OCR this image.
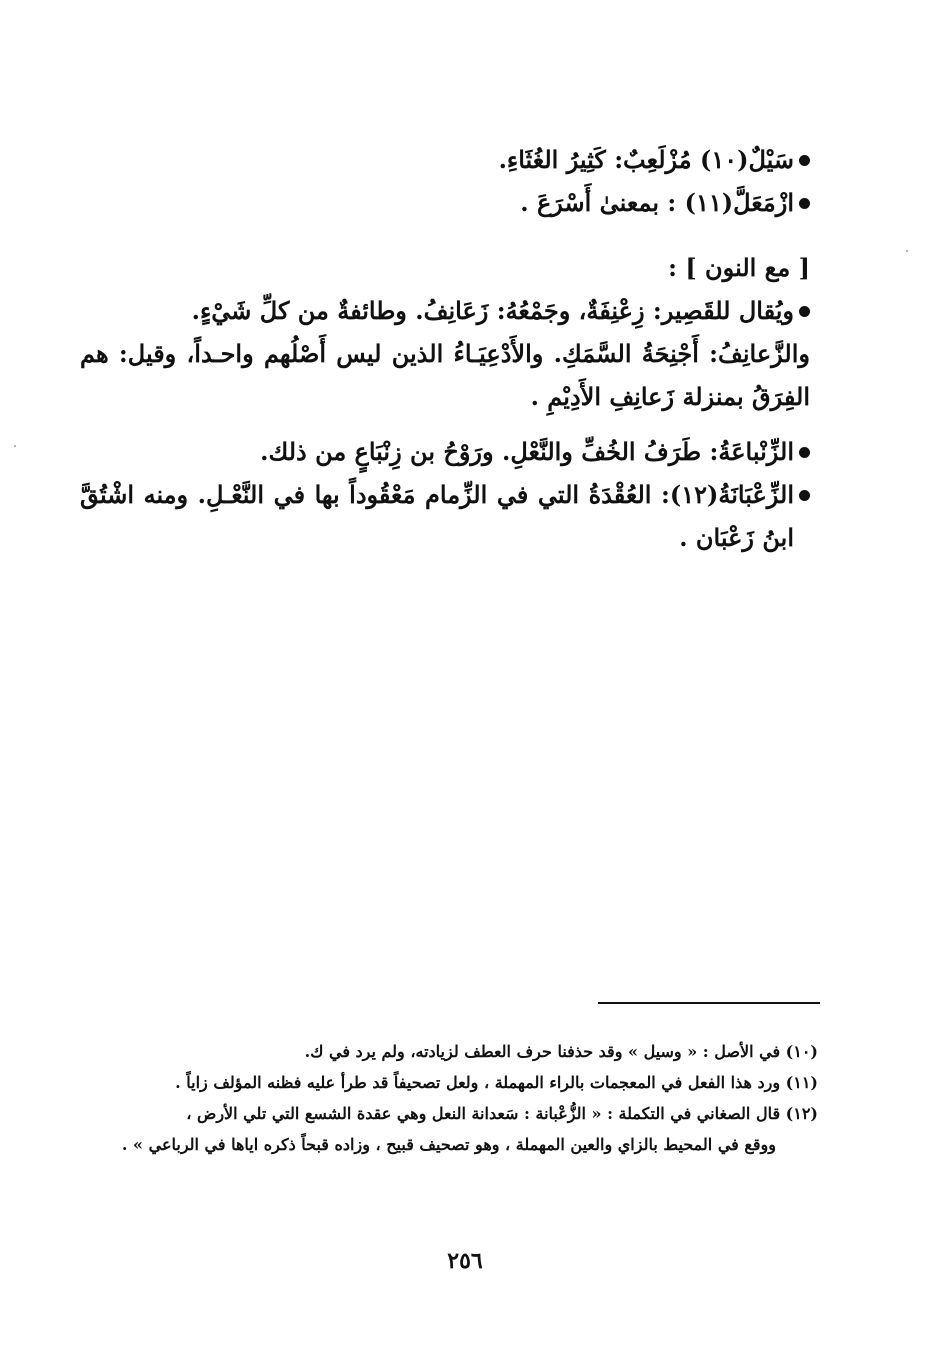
سَيْلٌ(١٠) مُزْلَعِبٌ: كَثِيرُ الغُثَاءِ.
ازْمَعَلَّ(١١) : بمعنىٰ أَسْرَعَ .
[ مع النون ] :
ويُقال للقَصِير: زِعْنِفَةٌ، وجَمْعُهُ: زَعَانِفُ. وطائفةٌ من كلِّ شَيْءٍ.
والزَّعانِفُ: أَجْنِحَةُ السَّمَكِ. والأَدْعِيَـاءُ الذين ليس أَصْلُهم واحـداً، وقيل: هم الفِرَقُ بمنزلة زَعانِفِ الأَدِيْمِ .
الزِّنْباعَةُ: طَرَفُ الخُفِّ والنَّعْلِ. ورَوْحُ بن زِنْبَاعٍ من ذلك.
الزِّعْبَانَةُ(١٢): العُقْدَةُ التي في الزِّمام مَعْقُوداً بها في النَّعْـلِ. ومنه اشْتُقَّ ابنُ زَعْبَان .
(١٠) في الأصل : « وسيل » وقد حذفنا حرف العطف لزيادته، ولم يرد في ك.
(١١) ورد هذا الفعل في المعجمات بالراء المهملة ، ولعل تصحيفاً قد طرأ عليه فظنه المؤلف زاياً .
(١٢) قال الصغاني في التكملة : « الزُّعْبانة : سَعدانة النعل وهي عقدة الشسع التي تلي الأرض ،
ووقع في المحيط بالزاي والعين المهملة ، وهو تصحيف قبيح ، وزاده قبحاً ذكره اياها في الرباعي » .
٢٥٦
